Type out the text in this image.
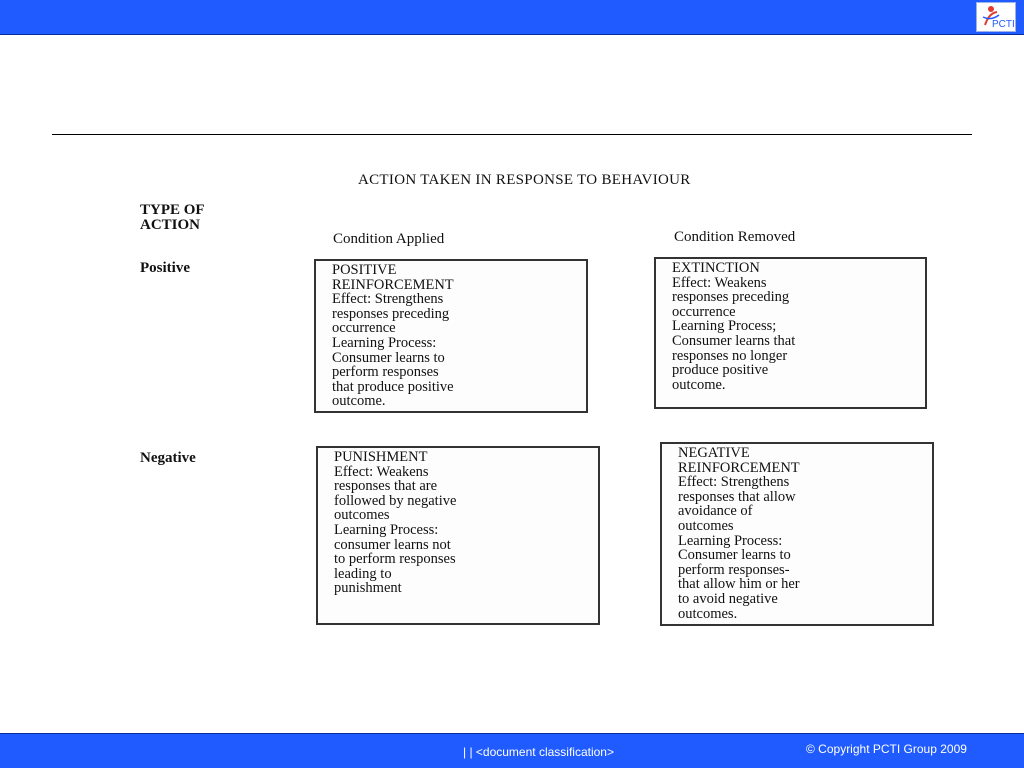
PCTI
ACTION TAKEN IN RESPONSE TO BEHAVIOUR
TYPE OF
ACTION
Condition Applied	Condition Removed
Positive
Negative
POSITIVE
REINFORCEMENT
Effect: Strengthens
responses preceding
occurrence
Learning Process:
Consumer learns to
perform responses
that produce positive
outcome.
EXTINCTION
Effect: Weakens
responses preceding
occurrence
Learning Process;
Consumer learns that
responses no longer
produce positive
outcome.
PUNISHMENT
Effect: Weakens
responses that are
followed by negative
outcomes
Learning Process:
consumer learns not
to perform responses
leading to
punishment
NEGATIVE
REINFORCEMENT
Effect: Strengthens
responses that allow
avoidance of
outcomes
Learning Process:
Consumer learns to
perform responses-
that allow him or her
to avoid negative
outcomes.
| | <document classification>	© Copyright PCTI Group 2009
